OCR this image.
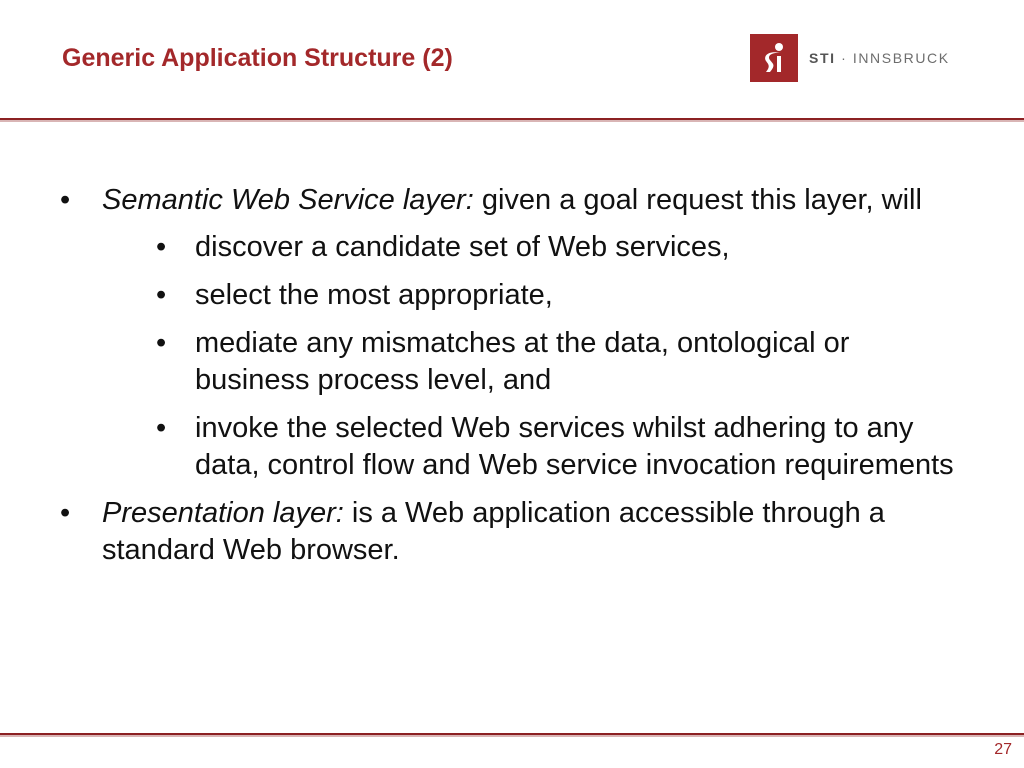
Generic Application Structure (2)	STI · INNSBRUCK
• Semantic Web Service layer: given a goal request this layer, will
• discover a candidate set of Web services,
• select the most appropriate,
• mediate any mismatches at the data, ontological or business process level, and
• invoke the selected Web services whilst adhering to any data, control flow and Web service invocation requirements
• Presentation layer: is a Web application accessible through a standard Web browser.
27
